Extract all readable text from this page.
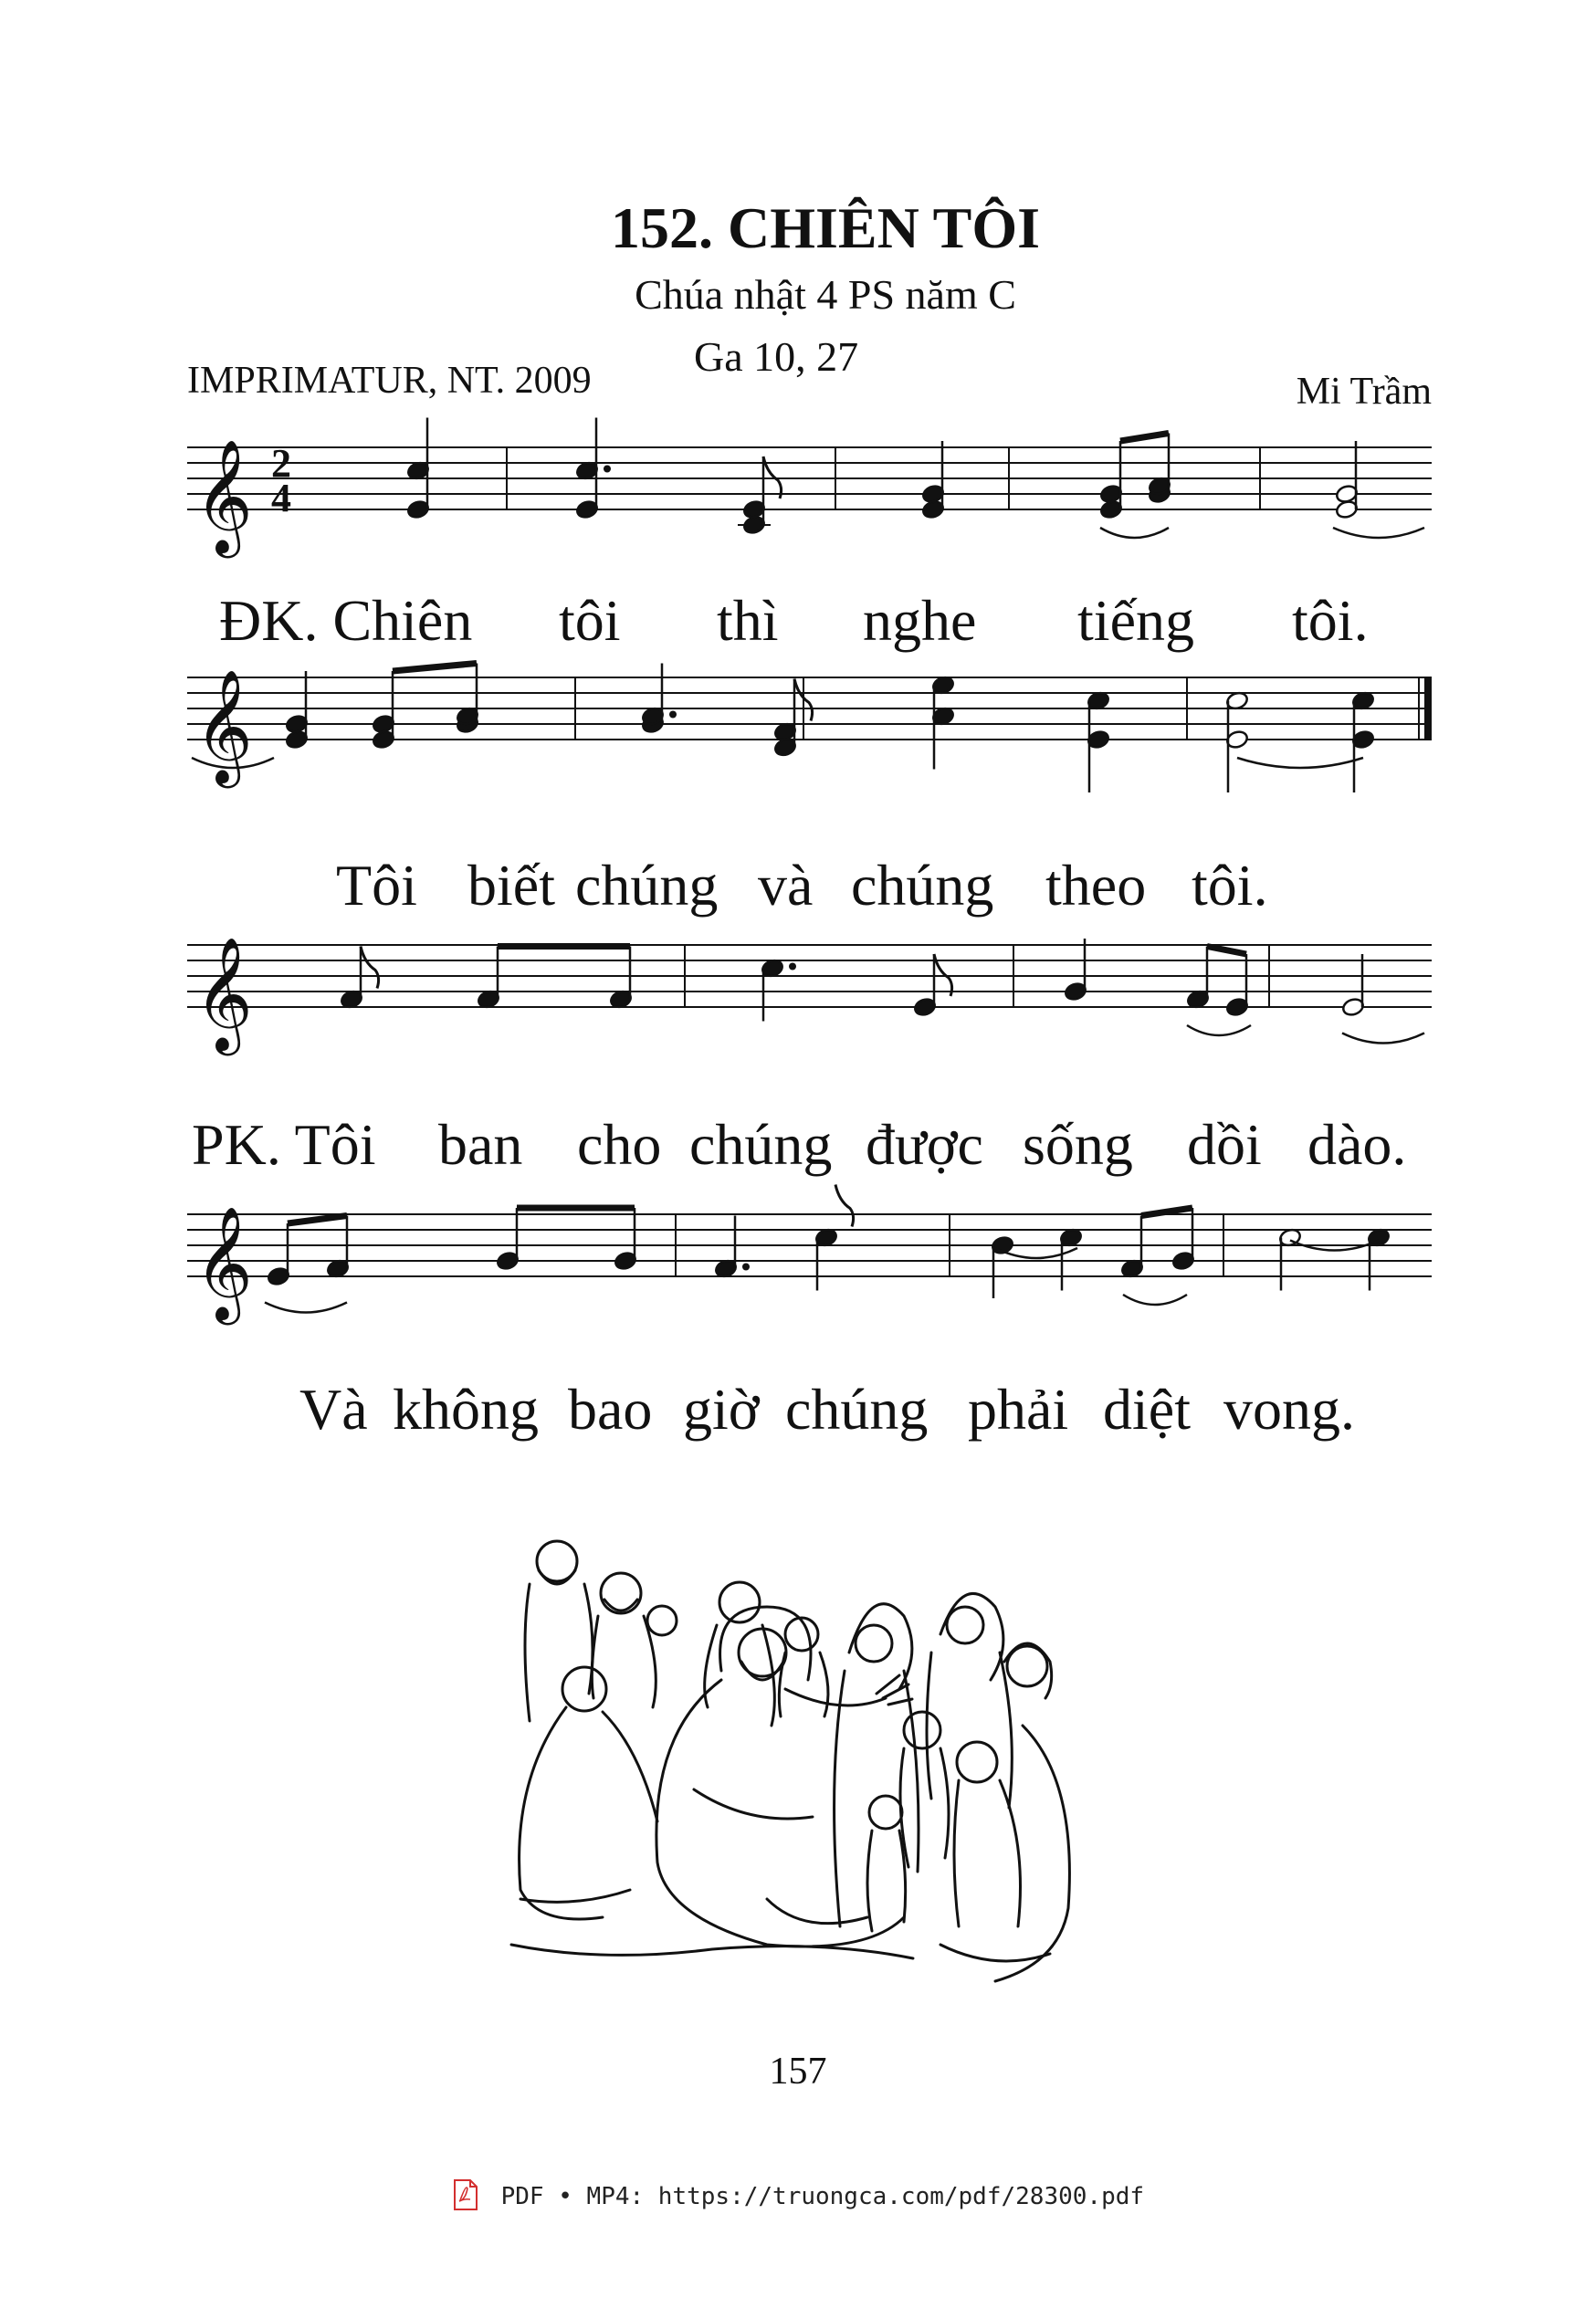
152. CHIÊN TÔI
Chúa nhật 4 PS năm C
Ga 10, 27
IMPRIMATUR, NT. 2009	Mi Trầm
𝄞 2
4
ĐK. Chiên tôi thì nghe tiếng tôi.
𝄞
Tôi biết chúng và chúng theo tôi.
𝄞
PK. Tôi ban cho chúng được sống dồi dào.
𝄞
Và không bao giờ chúng phải diệt vong.
157
PDF • MP4: https://truongca.com/pdf/28300.pdf
